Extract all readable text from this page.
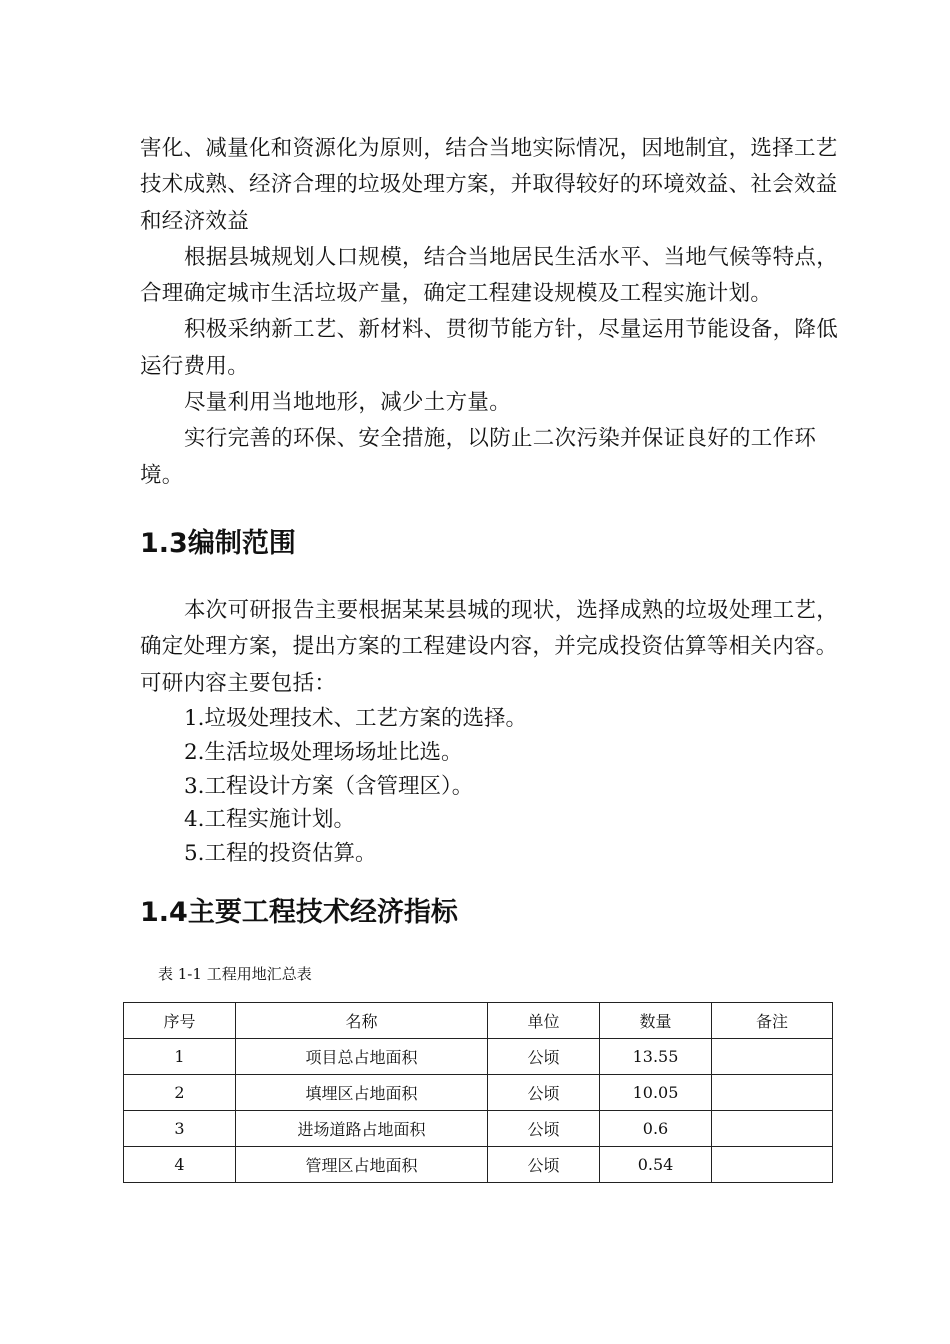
害化、减量化和资源化为原则，结合当地实际情况，因地制宜，选择工艺技术成熟、经济合理的垃圾处理方案，并取得较好的环境效益、社会效益和经济效益

根据县城规划人口规模，结合当地居民生活水平、当地气候等特点，合理确定城市生活垃圾产量，确定工程建设规模及工程实施计划。

积极采纳新工艺、新材料、贯彻节能方针，尽量运用节能设备，降低运行费用。

尽量利用当地地形，减少土方量。

实行完善的环保、安全措施，以防止二次污染并保证良好的工作环境。

1.3编制范围

本次可研报告主要根据某某县城的现状，选择成熟的垃圾处理工艺，确定处理方案，提出方案的工程建设内容，并完成投资估算等相关内容。可研内容主要包括：

1.垃圾处理技术、工艺方案的选择。
2.生活垃圾处理场场址比选。
3.工程设计方案（含管理区）。
4.工程实施计划。
5.工程的投资估算。
1.4主要工程技术经济指标
表 1-1 工程用地汇总表
序号	名称	单位	数量	备注
1	项目总占地面积	公顷	13.55	
2	填埋区占地面积	公顷	10.05	
3	进场道路占地面积	公顷	0.6	
4	管理区占地面积	公顷	0.54	
